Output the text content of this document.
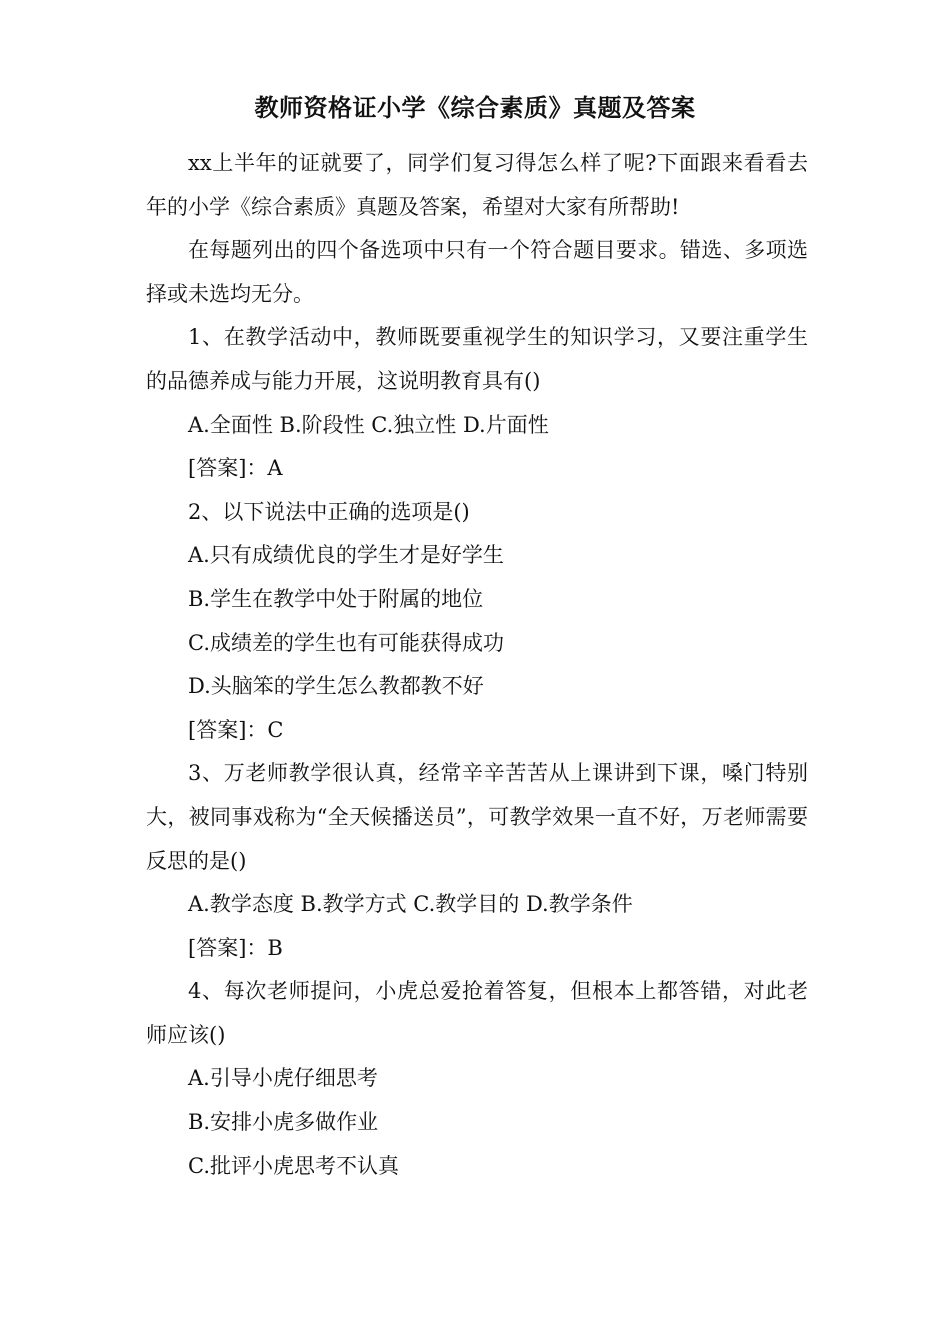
教师资格证小学《综合素质》真题及答案

xx上半年的证就要了，同学们复习得怎么样了呢?下面跟来看看去年的小学《综合素质》真题及答案，希望对大家有所帮助!

在每题列出的四个备选项中只有一个符合题目要求。错选、多项选择或未选均无分。

1、在教学活动中，教师既要重视学生的知识学习，又要注重学生的品德养成与能力开展，这说明教育具有()

A.全面性 B.阶段性 C.独立性 D.片面性

[答案]：A

2、以下说法中正确的选项是()

A.只有成绩优良的学生才是好学生

B.学生在教学中处于附属的地位

C.成绩差的学生也有可能获得成功

D.头脑笨的学生怎么教都教不好

[答案]：C

3、万老师教学很认真，经常辛辛苦苦从上课讲到下课，嗓门特别大，被同事戏称为“全天候播送员”，可教学效果一直不好，万老师需要反思的是()

A.教学态度 B.教学方式 C.教学目的 D.教学条件

[答案]：B

4、每次老师提问，小虎总爱抢着答复，但根本上都答错，对此老师应该()

A.引导小虎仔细思考

B.安排小虎多做作业

C.批评小虎思考不认真
